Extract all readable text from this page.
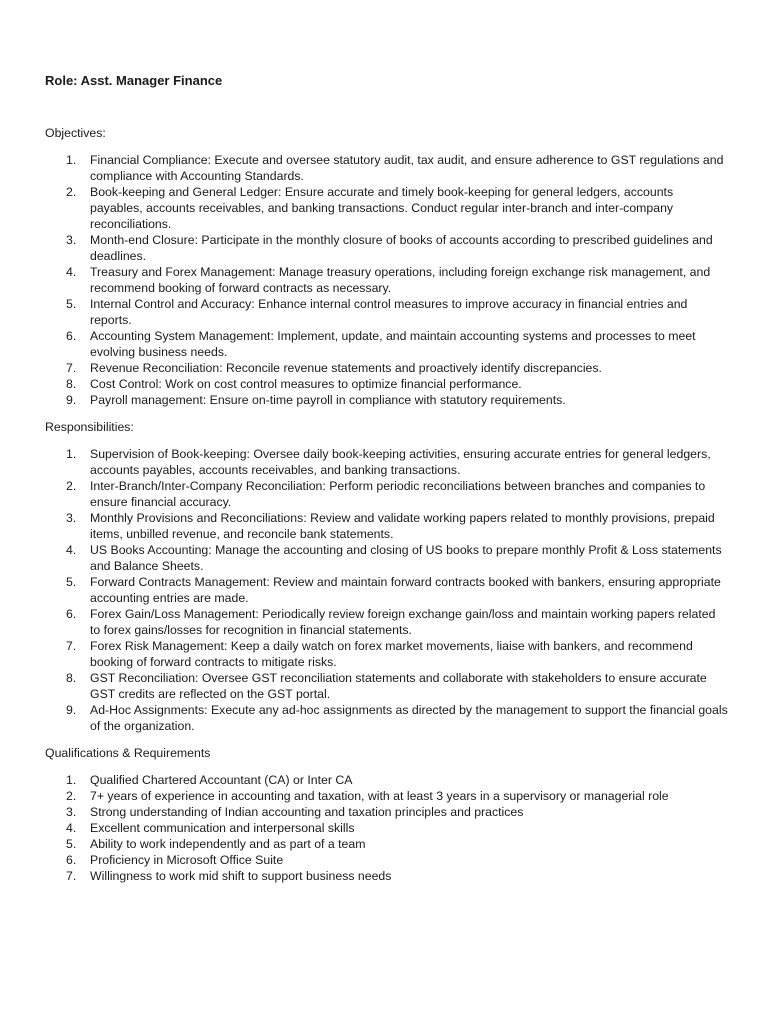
Role: Asst. Manager Finance
Objectives:
1. Financial Compliance: Execute and oversee statutory audit, tax audit, and ensure adherence to GST regulations and compliance with Accounting Standards.
2. Book-keeping and General Ledger: Ensure accurate and timely book-keeping for general ledgers, accounts payables, accounts receivables, and banking transactions. Conduct regular inter-branch and inter-company reconciliations.
3. Month-end Closure: Participate in the monthly closure of books of accounts according to prescribed guidelines and deadlines.
4. Treasury and Forex Management: Manage treasury operations, including foreign exchange risk management, and recommend booking of forward contracts as necessary.
5. Internal Control and Accuracy: Enhance internal control measures to improve accuracy in financial entries and reports.
6. Accounting System Management: Implement, update, and maintain accounting systems and processes to meet evolving business needs.
7. Revenue Reconciliation: Reconcile revenue statements and proactively identify discrepancies.
8. Cost Control: Work on cost control measures to optimize financial performance.
9. Payroll management: Ensure on-time payroll in compliance with statutory requirements.
Responsibilities:
1. Supervision of Book-keeping: Oversee daily book-keeping activities, ensuring accurate entries for general ledgers, accounts payables, accounts receivables, and banking transactions.
2. Inter-Branch/Inter-Company Reconciliation: Perform periodic reconciliations between branches and companies to ensure financial accuracy.
3. Monthly Provisions and Reconciliations: Review and validate working papers related to monthly provisions, prepaid items, unbilled revenue, and reconcile bank statements.
4. US Books Accounting: Manage the accounting and closing of US books to prepare monthly Profit & Loss statements and Balance Sheets.
5. Forward Contracts Management: Review and maintain forward contracts booked with bankers, ensuring appropriate accounting entries are made.
6. Forex Gain/Loss Management: Periodically review foreign exchange gain/loss and maintain working papers related to forex gains/losses for recognition in financial statements.
7. Forex Risk Management: Keep a daily watch on forex market movements, liaise with bankers, and recommend booking of forward contracts to mitigate risks.
8. GST Reconciliation: Oversee GST reconciliation statements and collaborate with stakeholders to ensure accurate GST credits are reflected on the GST portal.
9. Ad-Hoc Assignments: Execute any ad-hoc assignments as directed by the management to support the financial goals of the organization.
Qualifications & Requirements
1. Qualified Chartered Accountant (CA) or Inter CA
2. 7+ years of experience in accounting and taxation, with at least 3 years in a supervisory or managerial role
3. Strong understanding of Indian accounting and taxation principles and practices
4. Excellent communication and interpersonal skills
5. Ability to work independently and as part of a team
6. Proficiency in Microsoft Office Suite
7. Willingness to work mid shift to support business needs
